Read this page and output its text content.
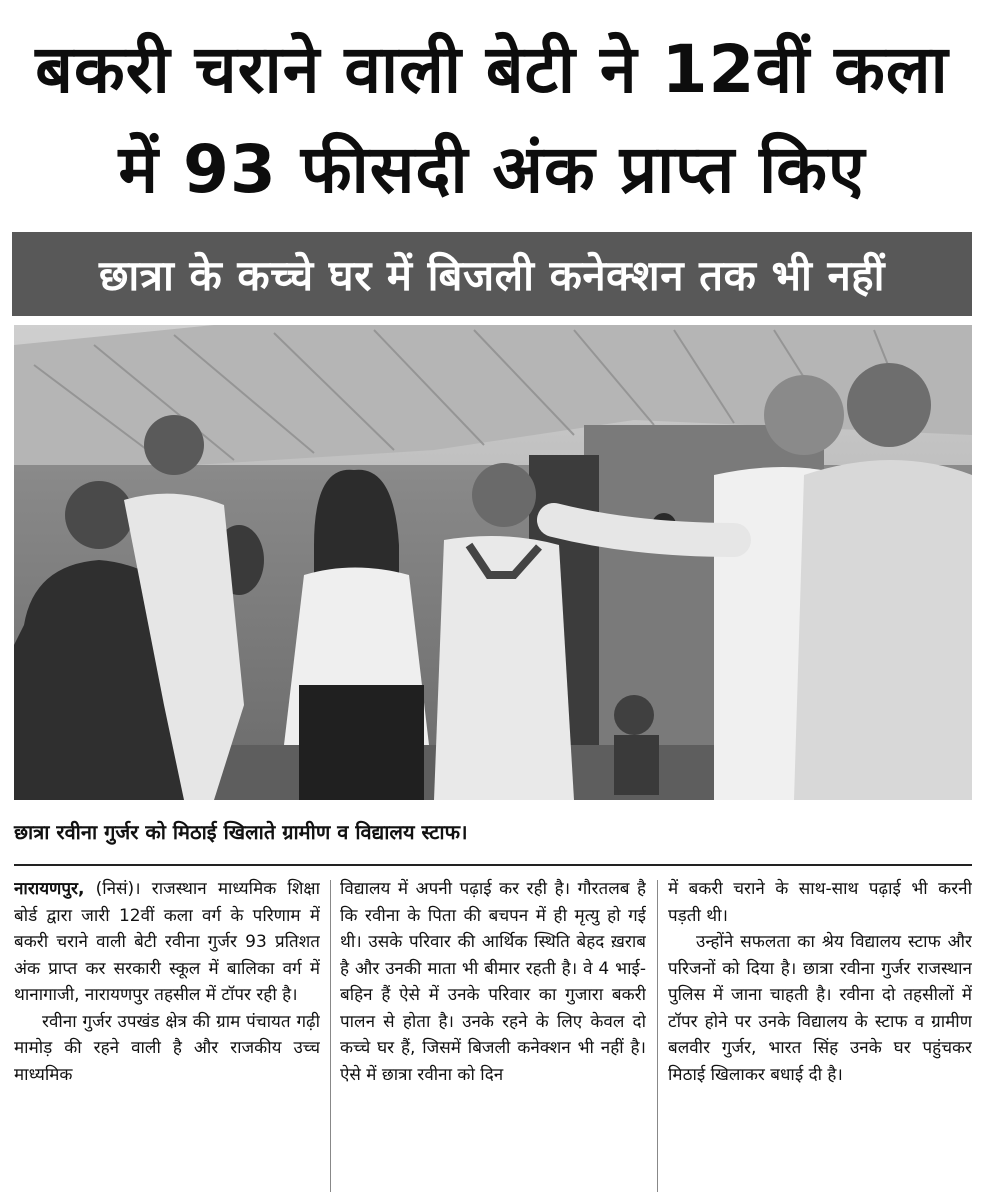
बकरी चराने वाली बेटी ने 12वीं कला
में 93 फीसदी अंक प्राप्त किए
छात्रा के कच्चे घर में बिजली कनेक्शन तक भी नहीं
छात्रा रवीना गुर्जर को मिठाई खिलाते ग्रामीण व विद्यालय स्टाफ।

नारायणपुर, (निसं)। राजस्थान माध्यमिक शिक्षा बोर्ड द्वारा जारी 12वीं कला वर्ग के परिणाम में बकरी चराने वाली बेटी रवीना गुर्जर 93 प्रतिशत अंक प्राप्त कर सरकारी स्कूल में बालिका वर्ग में थानागाजी, नारायणपुर तहसील में टॉपर रही है।

रवीना गुर्जर उपखंड क्षेत्र की ग्राम पंचायत गढ़ी मामोड़ की रहने वाली है और राजकीय उच्च माध्यमिक

विद्यालय में अपनी पढ़ाई कर रही है। गौरतलब है कि रवीना के पिता की बचपन में ही मृत्यु हो गई थी। उसके परिवार की आर्थिक स्थिति बेहद ख़राब है और उनकी माता भी बीमार रहती है। वे 4 भाई-बहिन हैं ऐसे में उनके परिवार का गुजारा बकरी पालन से होता है। उनके रहने के लिए केवल दो कच्चे घर हैं, जिसमें बिजली कनेक्शन भी नहीं है। ऐसे में छात्रा रवीना को दिन

में बकरी चराने के साथ-साथ पढ़ाई भी करनी पड़ती थी।

उन्होंने सफलता का श्रेय विद्यालय स्टाफ और परिजनों को दिया है। छात्रा रवीना गुर्जर राजस्थान पुलिस में जाना चाहती है। रवीना दो तहसीलों में टॉपर होने पर उनके विद्यालय के स्टाफ व ग्रामीण बलवीर गुर्जर, भारत सिंह उनके घर पहुंचकर मिठाई खिलाकर बधाई दी है।
